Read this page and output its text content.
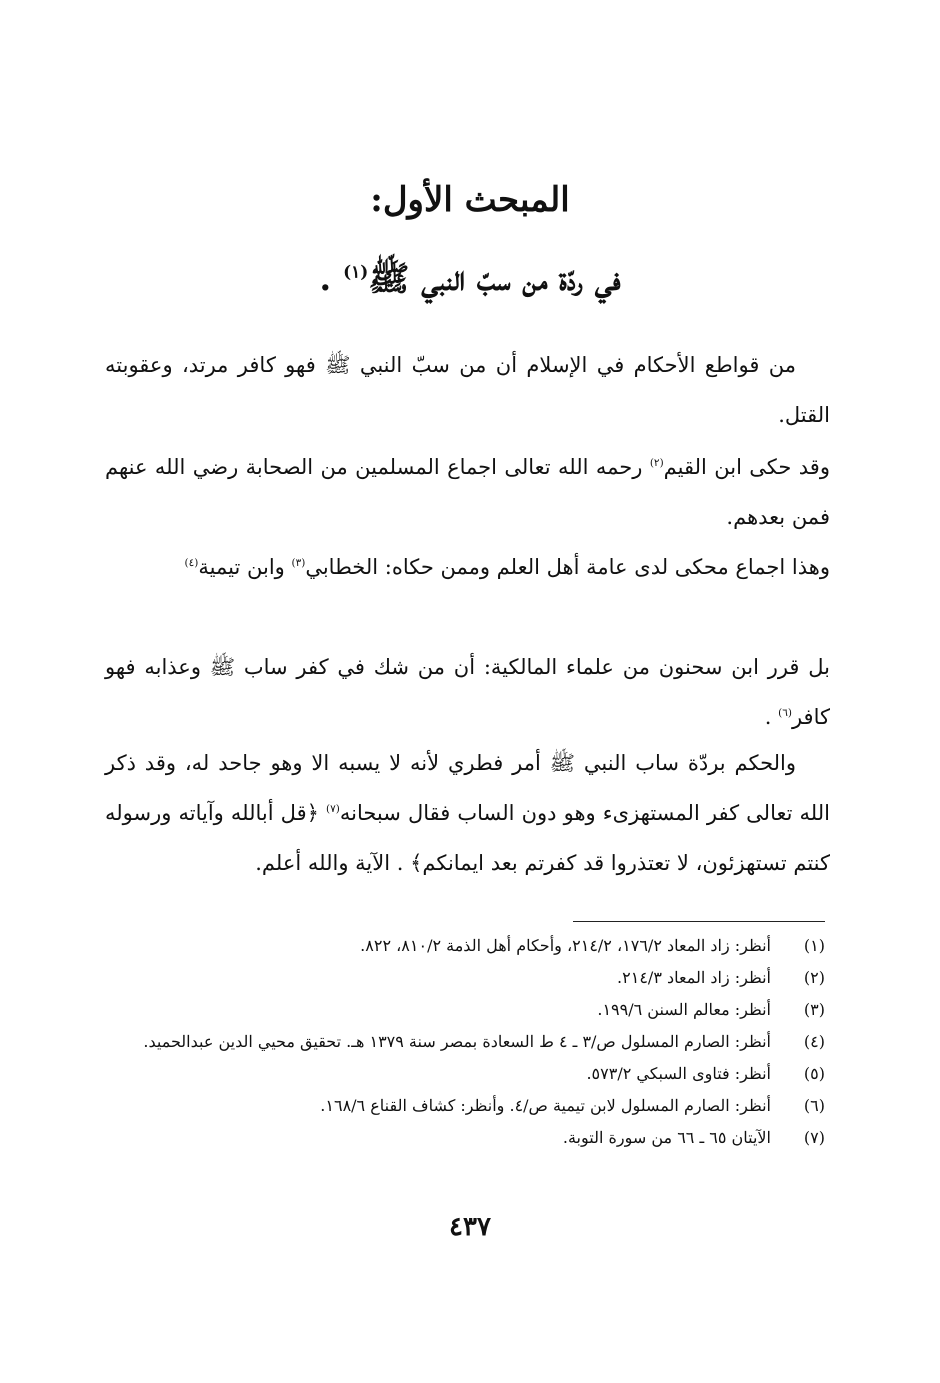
المبحث الأول:
في ردّة من سبّ النبي ﷺ$^{(١)}$ .

من قواطع الأحكام في الإسلام أن من سبّ النبي ﷺ فهو كافر مرتد، وعقوبته القتل.

وقد حكى ابن القيم$^{(٢)}$ رحمه الله تعالى اجماع المسلمين من الصحابة رضي الله عنهم فمن بعدهم.

وهذا اجماع محكى لدى عامة أهل العلم وممن حكاه: الخطابي$^{(٣)}$ وابن تيمية$^{(٤)}$

بل قرر ابن سحنون من علماء المالكية: أن من شك في كفر ساب ﷺ وعذابه فهو كافر$^{(٦)}$ .

والحكم بردّة ساب النبي ﷺ أمر فطري لأنه لا يسبه الا وهو جاحد له، وقد ذكر الله تعالى كفر المستهزىء وهو دون الساب فقال سبحانه$^{(٧)}$ ﴿قل أبالله وآياته ورسوله كنتم تستهزئون، لا تعتذروا قد كفرتم بعد ايمانكم﴾ . الآية والله أعلم.

(١)
أنظر: زاد المعاد ١٧٦/٢، ٢١٤/٢، وأحكام أهل الذمة ٨١٠/٢، ٨٢٢.
(٢)
أنظر: زاد المعاد ٢١٤/٣.
(٣)
أنظر: معالم السنن ١٩٩/٦.
(٤)
أنظر: الصارم المسلول ص/٣ ـ ٤ ط السعادة بمصر سنة ١٣٧٩ هـ. تحقيق محيي الدين عبدالحميد.
(٥)
أنظر: فتاوى السبكي ٥٧٣/٢.
(٦)
أنظر: الصارم المسلول لابن تيمية ص/٤. وأنظر: كشاف القناع ١٦٨/٦.
(٧)
الآيتان ٦٥ ـ ٦٦ من سورة التوبة.
٤٣٧
